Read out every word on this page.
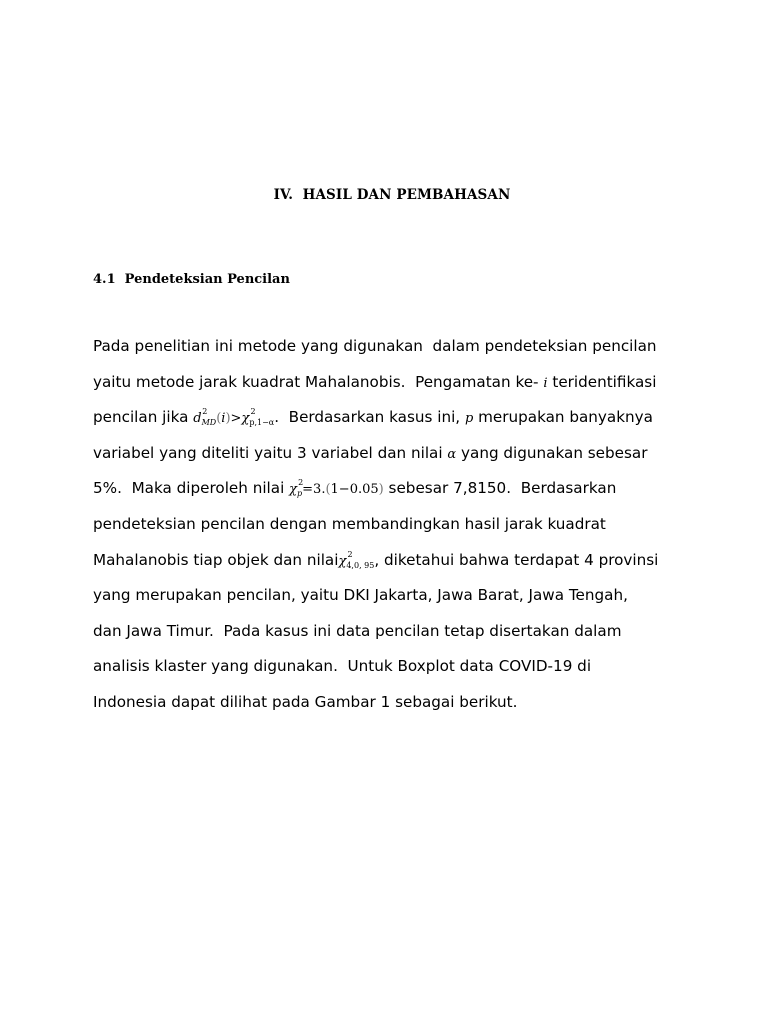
IV.  HASIL DAN PEMBAHASAN
4.1  Pendeteksian Pencilan
Pada penelitian ini metode yang digunakan  dalam pendeteksian pencilan
yaitu metode jarak kuadrat Mahalanobis.  Pengamatan ke- i teridentifikasi
pencilan jika d 2
$_{MD}$(i)>χ 2
$_{p,1-\alpha}$.  Berdasarkan kasus ini, p merupakan banyaknya
variabel yang diteliti yaitu 3 variabel dan nilai α yang digunakan sebesar
5%.  Maka diperoleh nilai χ 2
$_p$=3.(1−0.05) sebesar 7,8150.  Berdasarkan
pendeteksian pencilan dengan membandingkan hasil jarak kuadrat
Mahalanobis tiap objek dan nilaiχ 2
$_{4,0, 95}$, diketahui bahwa terdapat 4 provinsi
yang merupakan pencilan, yaitu DKI Jakarta, Jawa Barat, Jawa Tengah,
dan Jawa Timur.  Pada kasus ini data pencilan tetap disertakan dalam
analisis klaster yang digunakan.  Untuk Boxplot data COVID-19 di
Indonesia dapat dilihat pada Gambar 1 sebagai berikut.
